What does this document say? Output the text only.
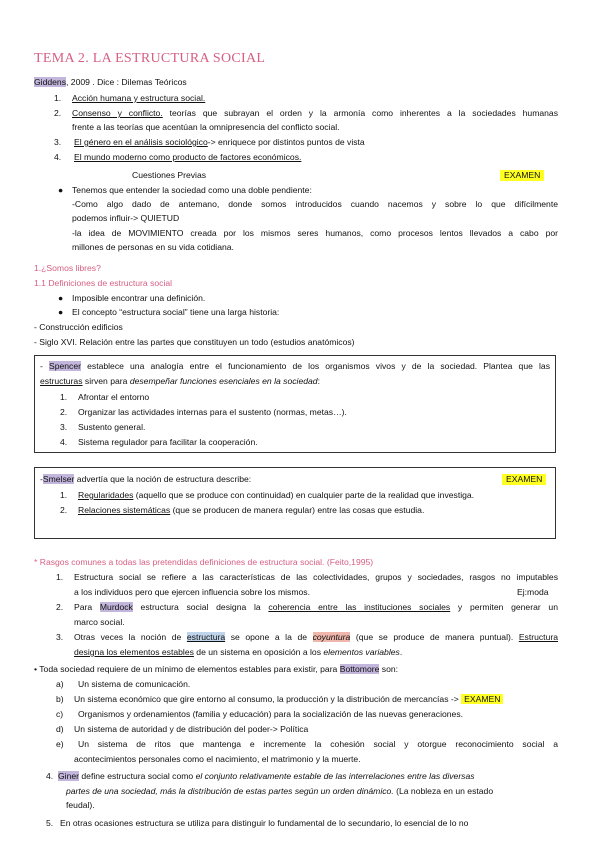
TEMA 2. LA ESTRUCTURA SOCIAL
Giddens, 2009 . Dice : Dilemas Teóricos
1. Acción humana y estructura social.
2. Consenso y conflicto. teorías que subrayan el orden y la armonía como inherentes a la sociedades humanas
frente a las teorías que acentúan la omnipresencia del conflicto social.
3. El género en el análisis sociológico-> enriquece por distintos puntos de vista
4. El mundo moderno como producto de factores económicos.
Cuestiones Previas	EXAMEN
● Tenemos que entender la sociedad como una doble pendiente:
-Como algo dado de antemano, donde somos introducidos cuando nacemos y sobre lo que difícilmente
podemos influir-> QUIETUD
-la idea de MOVIMIENTO creada por los mismos seres humanos, como procesos lentos llevados a cabo por
millones de personas en su vida cotidiana.
1.¿Somos libres?
1.1 Definiciones de estructura social
● Imposible encontrar una definición.
● El concepto “estructura social” tiene una larga historia:
- Construcción edificios
- Siglo XVI. Relación entre las partes que constituyen un todo (estudios anatómicos)
- Spencer establece una analogía entre el funcionamiento de los organismos vivos y de la sociedad. Plantea que las
estructuras sirven para desempeñar funciones esenciales en la sociedad:
1. Afrontar el entorno
2. Organizar las actividades internas para el sustento (normas, metas…).
3. Sustento general.
4. Sistema regulador para facilitar la cooperación.
-Smelser advertía que la noción de estructura describe:	EXAMEN
1. Regularidades (aquello que se produce con continuidad) en cualquier parte de la realidad que investiga.
2. Relaciones sistemáticas (que se producen de manera regular) entre las cosas que estudia.
* Rasgos comunes a todas las pretendidas definiciones de estructura social. (Feito,1995)
1. Estructura social se refiere a las características de las colectividades, grupos y sociedades, rasgos no imputables
a los individuos pero que ejercen influencia sobre los mismos.	Ej:moda
2. Para Murdock estructura social designa la coherencia entre las instituciones sociales y permiten generar un
marco social.
3. Otras veces la noción de estructura se opone a la de coyuntura (que se produce de manera puntual). Estructura
designa los elementos estables de un sistema en oposición a los elementos variables.
• Toda sociedad requiere de un mínimo de elementos estables para existir, para Bottomore son:
a) Un sistema de comunicación.
b) Un sistema económico que gire entorno al consumo, la producción y la distribución de mercancías -> EXAMEN
c) Organismos y ordenamientos (familia y educación) para la socialización de las nuevas generaciones.
d) Un sistema de autoridad y de distribución del poder-> Política
e) Un sistema de ritos que mantenga e incremente la cohesión social y otorgue reconocimiento social a
acontecimientos personales como el nacimiento, el matrimonio y la muerte.
4. Giner define estructura social como el conjunto relativamente estable de las interrelaciones entre las diversas
partes de una sociedad, más la distribución de estas partes según un orden dinámico. (La nobleza en un estado
feudal).
5. En otras ocasiones estructura se utiliza para distinguir lo fundamental de lo secundario, lo esencial de lo no
